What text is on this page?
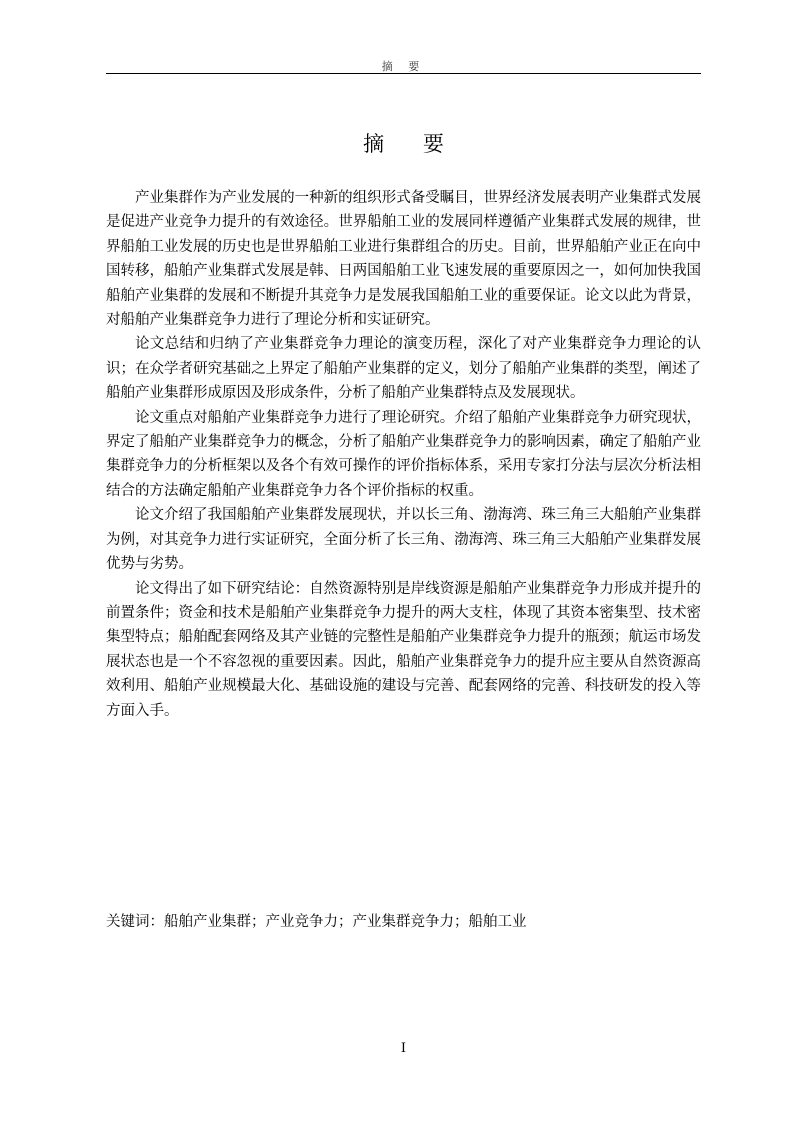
摘 要
摘 要

产业集群作为产业发展的一种新的组织形式备受瞩目，世界经济发展表明产业集群式发展是促进产业竞争力提升的有效途径。世界船舶工业的发展同样遵循产业集群式发展的规律，世界船舶工业发展的历史也是世界船舶工业进行集群组合的历史。目前，世界船舶产业正在向中国转移，船舶产业集群式发展是韩、日两国船舶工业飞速发展的重要原因之一，如何加快我国船舶产业集群的发展和不断提升其竞争力是发展我国船舶工业的重要保证。论文以此为背景，对船舶产业集群竞争力进行了理论分析和实证研究。

论文总结和归纳了产业集群竞争力理论的演变历程，深化了对产业集群竞争力理论的认识；在众学者研究基础之上界定了船舶产业集群的定义，划分了船舶产业集群的类型，阐述了船舶产业集群形成原因及形成条件，分析了船舶产业集群特点及发展现状。

论文重点对船舶产业集群竞争力进行了理论研究。介绍了船舶产业集群竞争力研究现状，界定了船舶产业集群竞争力的概念，分析了船舶产业集群竞争力的影响因素，确定了船舶产业集群竞争力的分析框架以及各个有效可操作的评价指标体系，采用专家打分法与层次分析法相结合的方法确定船舶产业集群竞争力各个评价指标的权重。

论文介绍了我国船舶产业集群发展现状，并以长三角、渤海湾、珠三角三大船舶产业集群为例，对其竞争力进行实证研究，全面分析了长三角、渤海湾、珠三角三大船舶产业集群发展优势与劣势。

论文得出了如下研究结论：自然资源特别是岸线资源是船舶产业集群竞争力形成并提升的前置条件；资金和技术是船舶产业集群竞争力提升的两大支柱，体现了其资本密集型、技术密集型特点；船舶配套网络及其产业链的完整性是船舶产业集群竞争力提升的瓶颈；航运市场发展状态也是一个不容忽视的重要因素。因此，船舶产业集群竞争力的提升应主要从自然资源高效利用、船舶产业规模最大化、基础设施的建设与完善、配套网络的完善、科技研发的投入等方面入手。

关键词：船舶产业集群；产业竞争力；产业集群竞争力；船舶工业
I
